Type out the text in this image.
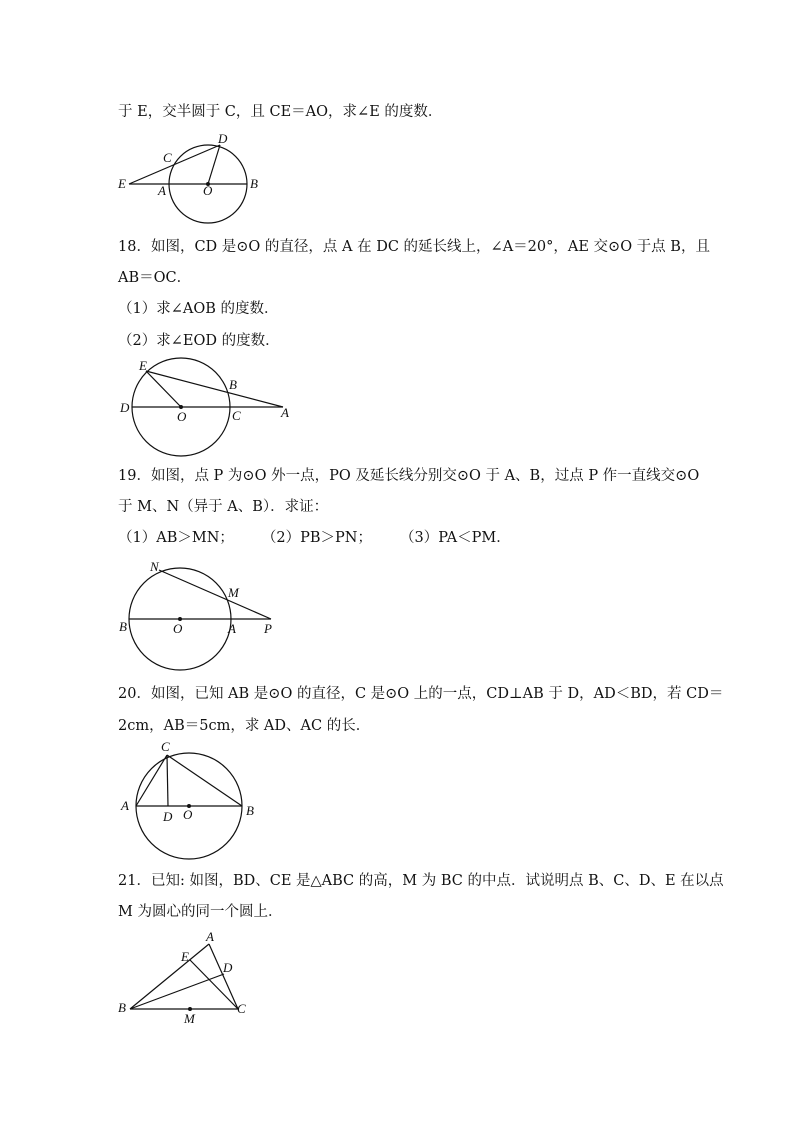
于 E，交半圆于 C，且 CE＝AO，求∠E 的度数．
D
C
E A	O	B
18．如图，CD 是⊙O 的直径，点 A 在 DC 的延长线上，∠A＝20°，AE 交⊙O 于点 B，且
AB＝OC．
（1）求∠AOB 的度数．
（2）求∠EOD 的度数．
E
B
D
O	C	A
19．如图，点 P 为⊙O 外一点，PO 及延长线分别交⊙O 于 A、B，过点 P 作一直线交⊙O
于 M、N（异于 A、B）．求证：
（1）AB＞MN； （2）PB＞PN； （3）PA＜PM．
N
M
B	O	A P
20．如图，已知 AB 是⊙O 的直径，C 是⊙O 上的一点，CD⊥AB 于 D，AD＜BD，若 CD＝
2cm，AB＝5cm，求 AD、AC 的长．
C
A
D O	B
21．已知: 如图，BD、CE 是△ABC 的高，M 为 BC 的中点．试说明点 B、C、D、E 在以点
M 为圆心的同一个圆上．
A
E
D
B
M
C
